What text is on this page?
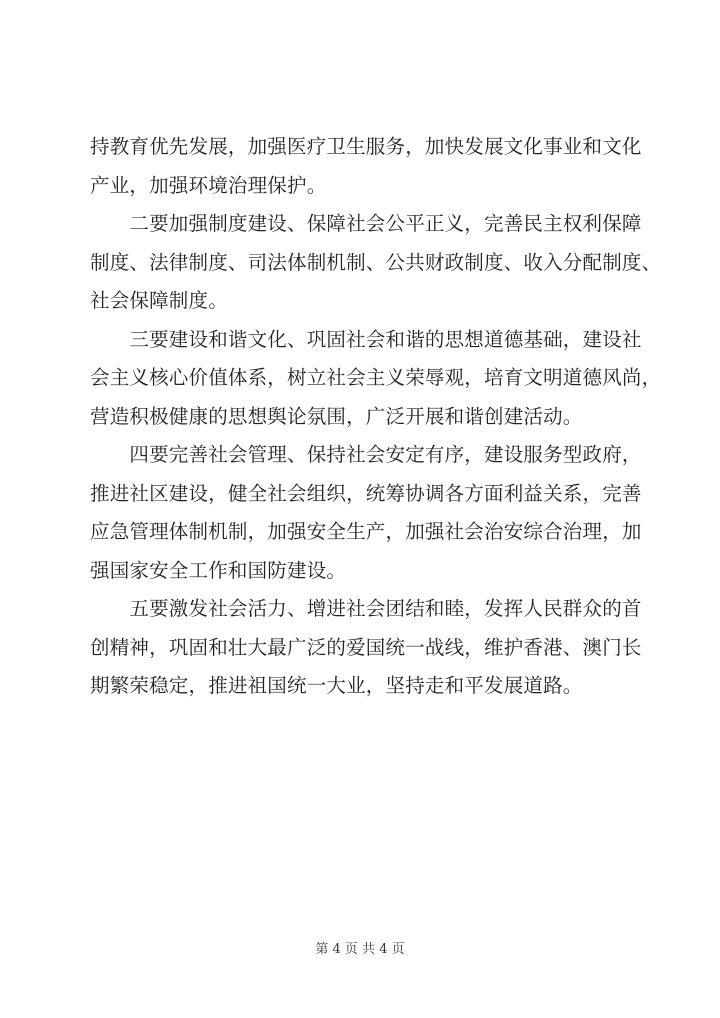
持教育优先发展，加强医疗卫生服务，加快发展文化事业和文化
产业，加强环境治理保护。
　　二要加强制度建设、保障社会公平正义，完善民主权利保障
制度、法律制度、司法体制机制、公共财政制度、收入分配制度、
社会保障制度。
　　三要建设和谐文化、巩固社会和谐的思想道德基础，建设社
会主义核心价值体系，树立社会主义荣辱观，培育文明道德风尚，
营造积极健康的思想舆论氛围，广泛开展和谐创建活动。
　　四要完善社会管理、保持社会安定有序，建设服务型政府，
推进社区建设，健全社会组织，统筹协调各方面利益关系，完善
应急管理体制机制，加强安全生产，加强社会治安综合治理，加
强国家安全工作和国防建设。
　　五要激发社会活力、增进社会团结和睦，发挥人民群众的首
创精神，巩固和壮大最广泛的爱国统一战线，维护香港、澳门长
期繁荣稳定，推进祖国统一大业，坚持走和平发展道路。
第 4 页 共 4 页
